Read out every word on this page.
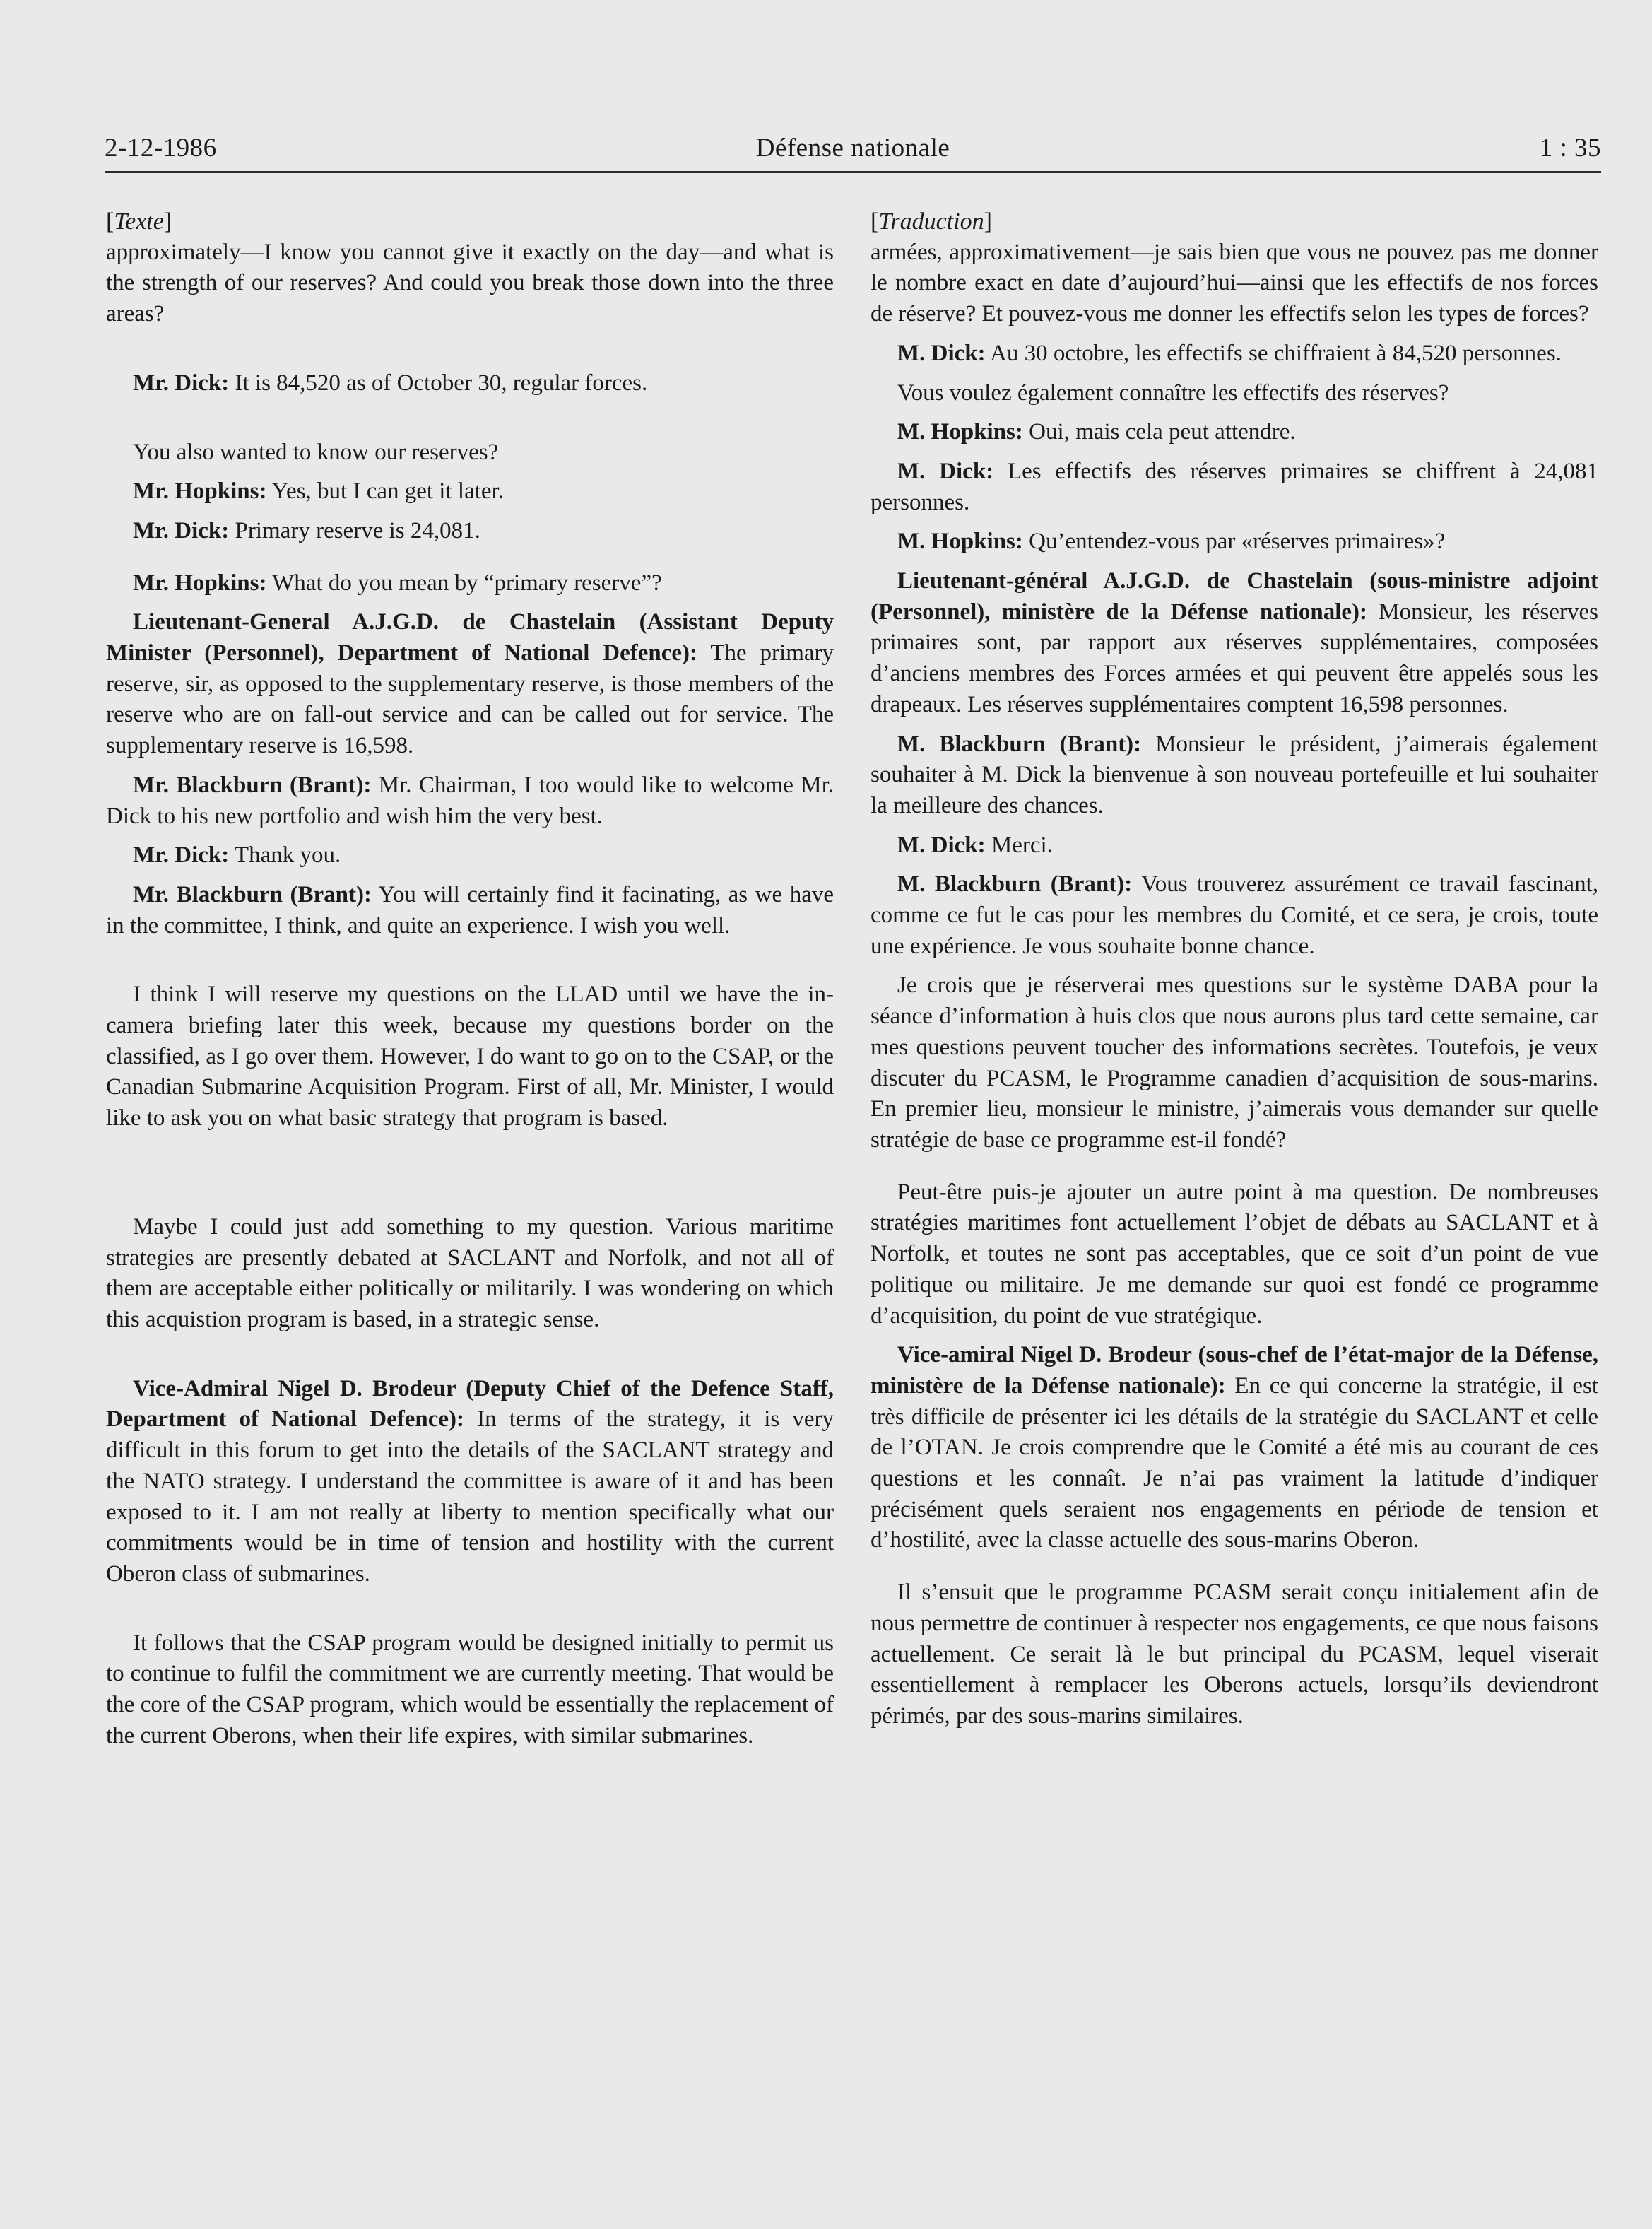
2-12-1986	Défense nationale	1 : 35
[Texte]
approximately—I know you cannot give it exactly on the day—and what is the strength of our reserves? And could you break those down into the three areas?
Mr. Dick: It is 84,520 as of October 30, regular forces.
You also wanted to know our reserves?
Mr. Hopkins: Yes, but I can get it later.
Mr. Dick: Primary reserve is 24,081.
Mr. Hopkins: What do you mean by “primary reserve”?
Lieutenant-General A.J.G.D. de Chastelain (Assistant Deputy Minister (Personnel), Department of National Defence): The primary reserve, sir, as opposed to the supplementary reserve, is those members of the reserve who are on fall-out service and can be called out for service. The supplementary reserve is 16,598.
Mr. Blackburn (Brant): Mr. Chairman, I too would like to welcome Mr. Dick to his new portfolio and wish him the very best.
Mr. Dick: Thank you.
Mr. Blackburn (Brant): You will certainly find it facinating, as we have in the committee, I think, and quite an experience. I wish you well.
I think I will reserve my questions on the LLAD until we have the in-camera briefing later this week, because my questions border on the classified, as I go over them. However, I do want to go on to the CSAP, or the Canadian Submarine Acquisition Program. First of all, Mr. Minister, I would like to ask you on what basic strategy that program is based.
Maybe I could just add something to my question. Various maritime strategies are presently debated at SACLANT and Norfolk, and not all of them are acceptable either politically or militarily. I was wondering on which this acquistion program is based, in a strategic sense.
Vice-Admiral Nigel D. Brodeur (Deputy Chief of the Defence Staff, Department of National Defence): In terms of the strategy, it is very difficult in this forum to get into the details of the SACLANT strategy and the NATO strategy. I understand the committee is aware of it and has been exposed to it. I am not really at liberty to mention specifically what our commitments would be in time of tension and hostility with the current Oberon class of submarines.
It follows that the CSAP program would be designed initially to permit us to continue to fulfil the commitment we are currently meeting. That would be the core of the CSAP program, which would be essentially the replacement of the current Oberons, when their life expires, with similar submarines.
[Traduction]
armées, approximativement—je sais bien que vous ne pouvez pas me donner le nombre exact en date d’aujourd’hui—ainsi que les effectifs de nos forces de réserve? Et pouvez-vous me donner les effectifs selon les types de forces?
M. Dick: Au 30 octobre, les effectifs se chiffraient à 84,520 personnes.
Vous voulez également connaître les effectifs des réserves?
M. Hopkins: Oui, mais cela peut attendre.
M. Dick: Les effectifs des réserves primaires se chiffrent à 24,081 personnes.
M. Hopkins: Qu’entendez-vous par «réserves primaires»?
Lieutenant-général A.J.G.D. de Chastelain (sous-ministre adjoint (Personnel), ministère de la Défense nationale): Monsieur, les réserves primaires sont, par rapport aux réserves supplémentaires, composées d’anciens membres des Forces armées et qui peuvent être appelés sous les drapeaux. Les réserves supplémentaires comptent 16,598 personnes.
M. Blackburn (Brant): Monsieur le président, j’aimerais également souhaiter à M. Dick la bienvenue à son nouveau portefeuille et lui souhaiter la meilleure des chances.
M. Dick: Merci.
M. Blackburn (Brant): Vous trouverez assurément ce travail fascinant, comme ce fut le cas pour les membres du Comité, et ce sera, je crois, toute une expérience. Je vous souhaite bonne chance.
Je crois que je réserverai mes questions sur le système DABA pour la séance d’information à huis clos que nous aurons plus tard cette semaine, car mes questions peuvent toucher des informations secrètes. Toutefois, je veux discuter du PCASM, le Programme canadien d’acquisition de sous-marins. En premier lieu, monsieur le ministre, j’aimerais vous demander sur quelle stratégie de base ce programme est-il fondé?
Peut-être puis-je ajouter un autre point à ma question. De nombreuses stratégies maritimes font actuellement l’objet de débats au SACLANT et à Norfolk, et toutes ne sont pas acceptables, que ce soit d’un point de vue politique ou militaire. Je me demande sur quoi est fondé ce programme d’acquisition, du point de vue stratégique.
Vice-amiral Nigel D. Brodeur (sous-chef de l’état-major de la Défense, ministère de la Défense nationale): En ce qui concerne la stratégie, il est très difficile de présenter ici les détails de la stratégie du SACLANT et celle de l’OTAN. Je crois comprendre que le Comité a été mis au courant de ces questions et les connaît. Je n’ai pas vraiment la latitude d’indiquer précisément quels seraient nos engagements en période de tension et d’hostilité, avec la classe actuelle des sous-marins Oberon.
Il s’ensuit que le programme PCASM serait conçu initialement afin de nous permettre de continuer à respecter nos engagements, ce que nous faisons actuellement. Ce serait là le but principal du PCASM, lequel viserait essentiellement à remplacer les Oberons actuels, lorsqu’ils deviendront périmés, par des sous-marins similaires.
